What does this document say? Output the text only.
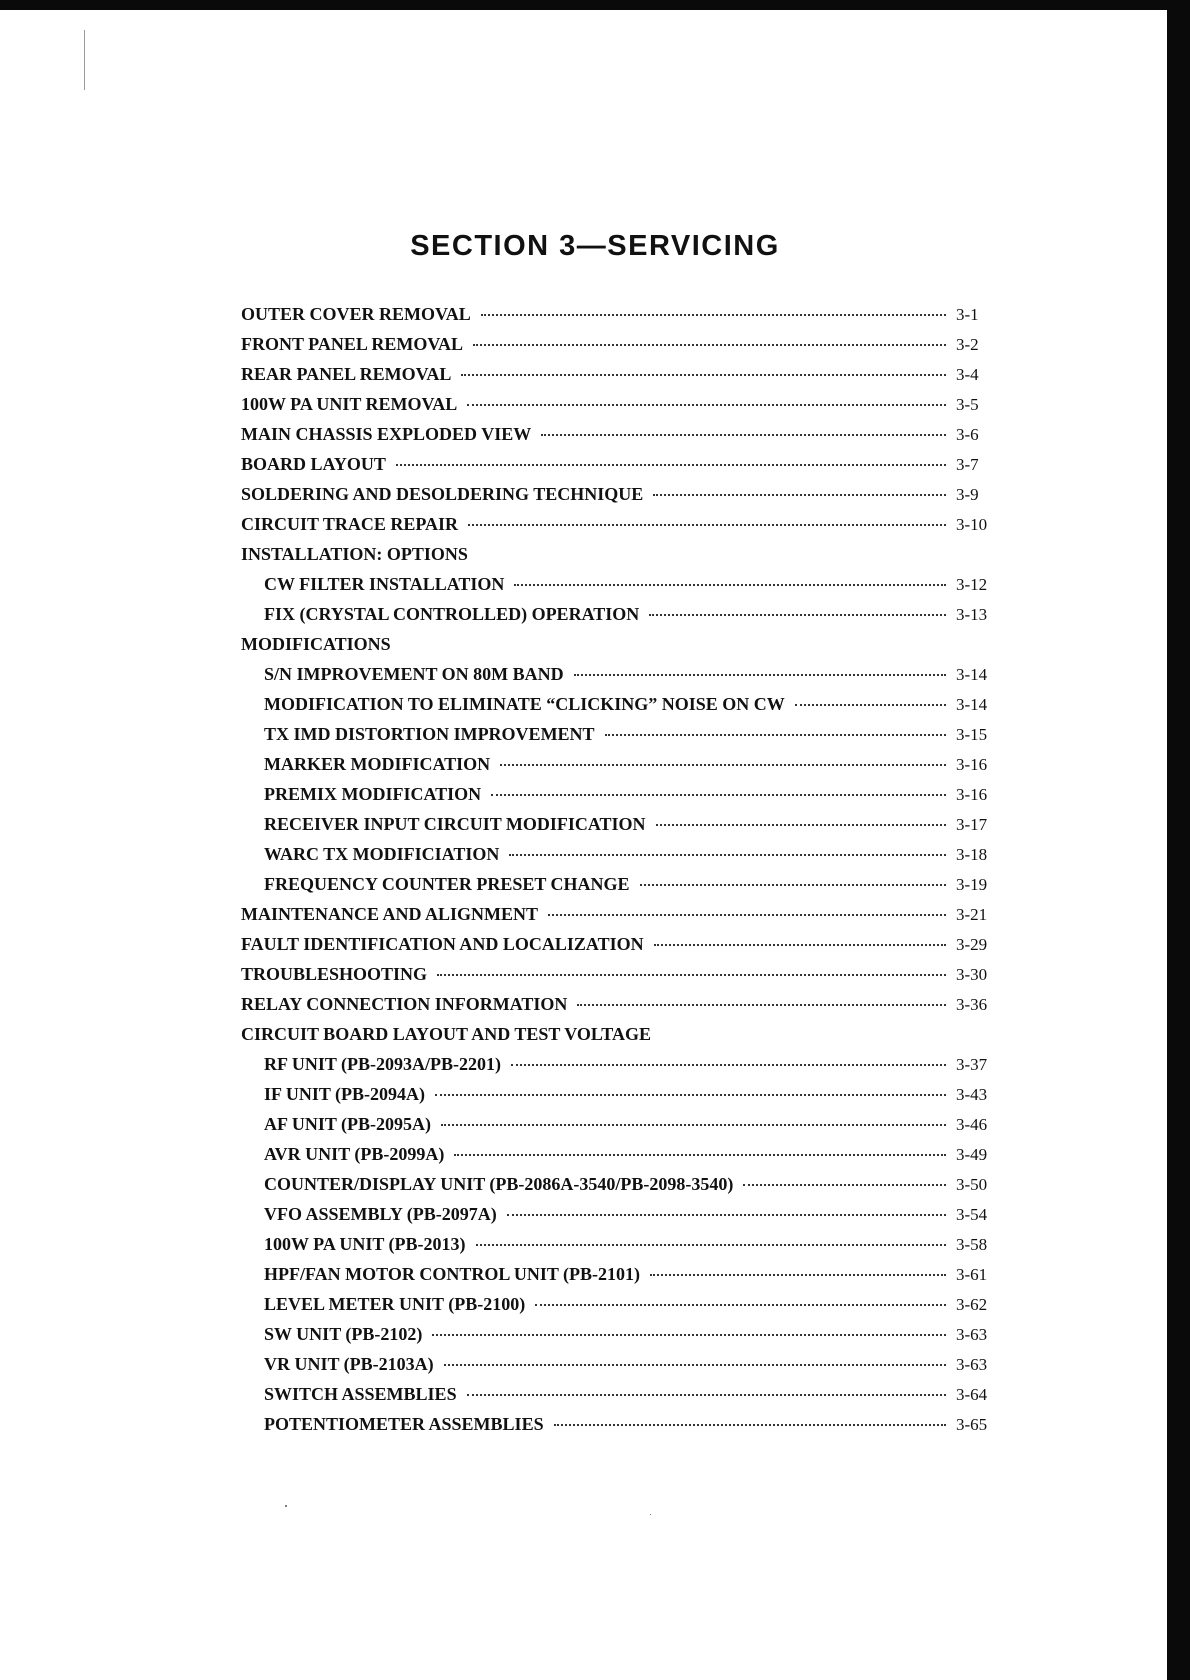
SECTION 3—SERVICING
OUTER COVER REMOVAL	3-1
FRONT PANEL REMOVAL	3-2
REAR PANEL REMOVAL	3-4
100W PA UNIT REMOVAL	3-5
MAIN CHASSIS EXPLODED VIEW	3-6
BOARD LAYOUT	3-7
SOLDERING AND DESOLDERING TECHNIQUE	3-9
CIRCUIT TRACE REPAIR	3-10
INSTALLATION: OPTIONS
CW FILTER INSTALLATION	3-12
FIX (CRYSTAL CONTROLLED) OPERATION	3-13
MODIFICATIONS
S/N IMPROVEMENT ON 80M BAND	3-14
MODIFICATION TO ELIMINATE “CLICKING” NOISE ON CW	3-14
TX IMD DISTORTION IMPROVEMENT	3-15
MARKER MODIFICATION	3-16
PREMIX MODIFICATION	3-16
RECEIVER INPUT CIRCUIT MODIFICATION	3-17
WARC TX MODIFICIATION	3-18
FREQUENCY COUNTER PRESET CHANGE	3-19
MAINTENANCE AND ALIGNMENT	3-21
FAULT IDENTIFICATION AND LOCALIZATION	3-29
TROUBLESHOOTING	3-30
RELAY CONNECTION INFORMATION	3-36
CIRCUIT BOARD LAYOUT AND TEST VOLTAGE
RF UNIT (PB-2093A/PB-2201)	3-37
IF UNIT (PB-2094A)	3-43
AF UNIT (PB-2095A)	3-46
AVR UNIT (PB-2099A)	3-49
COUNTER/DISPLAY UNIT (PB-2086A-3540/PB-2098-3540)	3-50
VFO ASSEMBLY (PB-2097A)	3-54
100W PA UNIT (PB-2013)	3-58
HPF/FAN MOTOR CONTROL UNIT (PB-2101)	3-61
LEVEL METER UNIT (PB-2100)	3-62
SW UNIT (PB-2102)	3-63
VR UNIT (PB-2103A)	3-63
SWITCH ASSEMBLIES	3-64
POTENTIOMETER ASSEMBLIES	3-65
